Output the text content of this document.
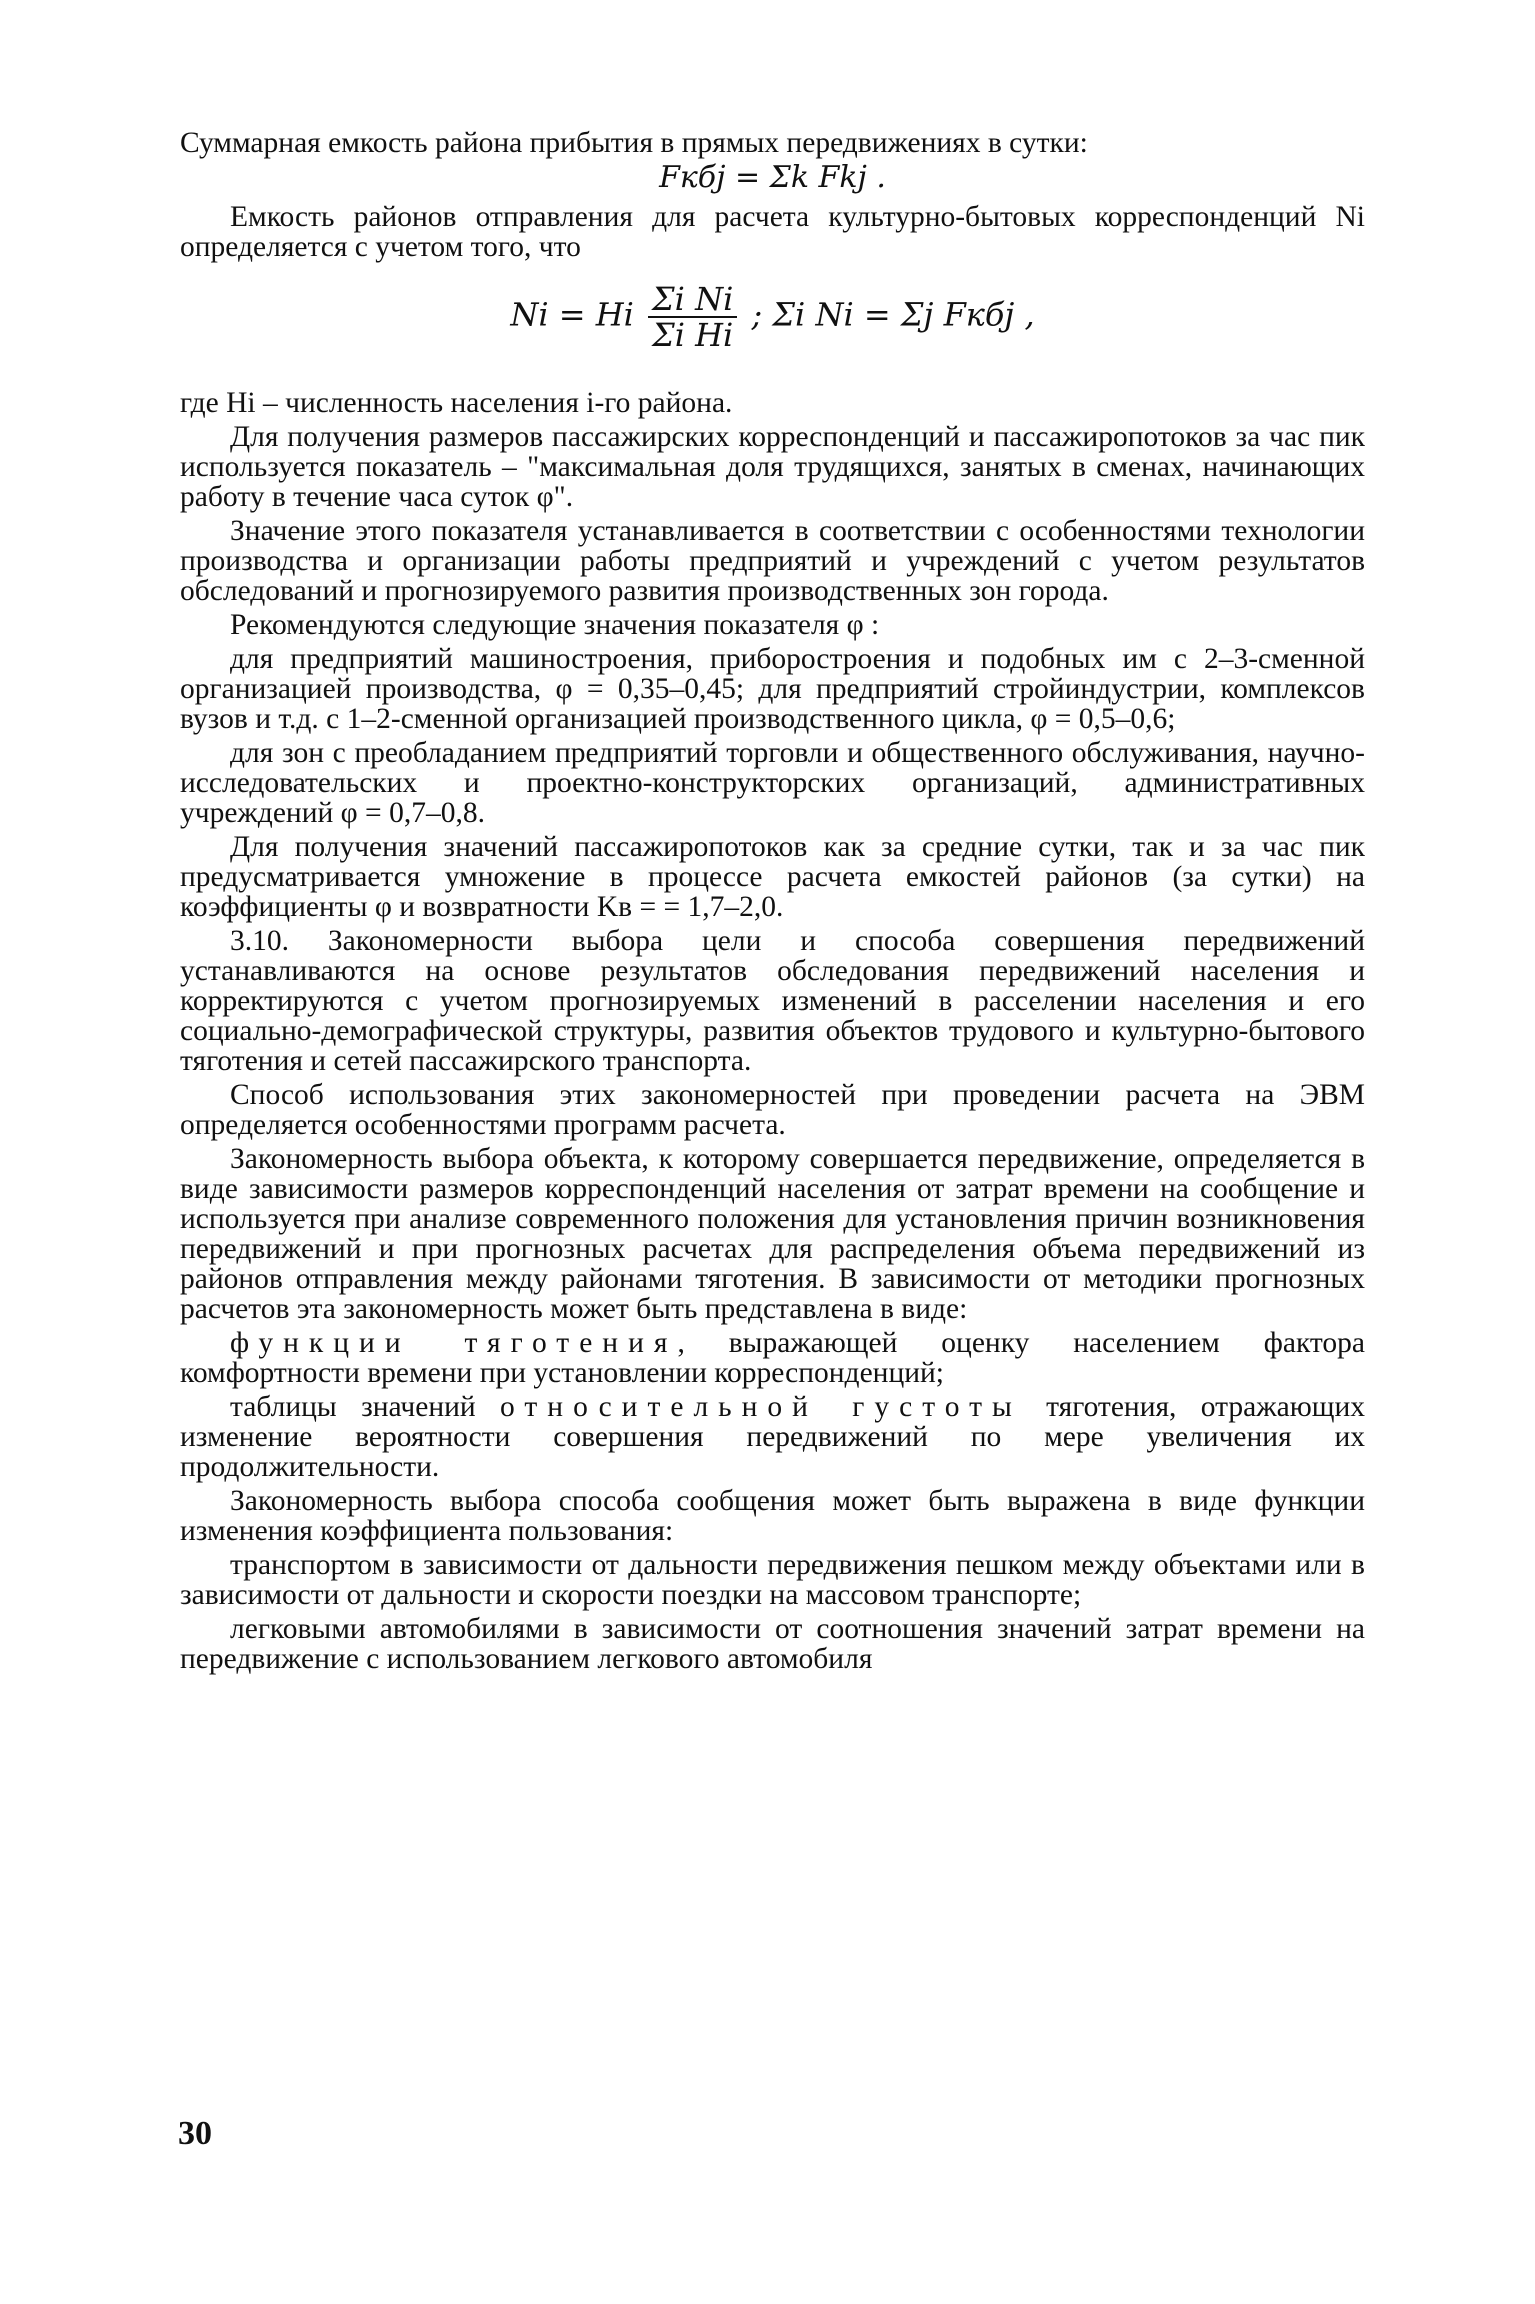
Суммарная емкость района прибытия в прямых передвижениях в сутки:

Fкбj = Σk Fkj .

Емкость районов отправления для расчета культурно-бытовых корреспонденций Ni определяется с учетом того, что

Ni = Hi $\frac{\text{Σi Ni}}{\text{Σi Hi}}$ ; Σi Ni = Σj Fкбj ,

где Hi – численность населения i-го района.

Для получения размеров пассажирских корреспонденций и пассажиропотоков за час пик используется показатель – "максимальная доля трудящихся, занятых в сменах, начинающих работу в течение часа суток φ".

Значение этого показателя устанавливается в соответствии с особенностями технологии производства и организации работы предприятий и учреждений с учетом результатов обследований и прогнозируемого развития производственных зон города.

Рекомендуются следующие значения показателя φ :

для предприятий машиностроения, приборостроения и подобных им с 2–3-сменной организацией производства, φ = 0,35–0,45; для предприятий стройиндустрии, комплексов вузов и т.д. с 1–2-сменной организацией производственного цикла, φ = 0,5–0,6;

для зон с преобладанием предприятий торговли и общественного обслуживания, научно-исследовательских и проектно-конструкторских организаций, административных учреждений φ = 0,7–0,8.

Для получения значений пассажиропотоков как за средние сутки, так и за час пик предусматривается умножение в процессе расчета емкостей районов (за сутки) на коэффициенты φ и возвратности Kв = = 1,7–2,0.

3.10. Закономерности выбора цели и способа совершения передвижений устанавливаются на основе результатов обследования передвижений населения и корректируются с учетом прогнозируемых изменений в расселении населения и его социально-демографической структуры, развития объектов трудового и культурно-бытового тяготения и сетей пассажирского транспорта.

Способ использования этих закономерностей при проведении расчета на ЭВМ определяется особенностями программ расчета.

Закономерность выбора объекта, к которому совершается передвижение, определяется в виде зависимости размеров корреспонденций населения от затрат времени на сообщение и используется при анализе современного положения для установления причин возникновения передвижений и при прогнозных расчетах для распределения объема передвижений из районов отправления между районами тяготения. В зависимости от методики прогнозных расчетов эта закономерность может быть представлена в виде:

функции тяготения, выражающей оценку населением фактора комфортности времени при установлении корреспонденций;

таблицы значений относительной густоты тяготения, отражающих изменение вероятности совершения передвижений по мере увеличения их продолжительности.

Закономерность выбора способа сообщения может быть выражена в виде функции изменения коэффициента пользования:

транспортом в зависимости от дальности передвижения пешком между объектами или в зависимости от дальности и скорости поездки на массовом транспорте;

легковыми автомобилями в зависимости от соотношения значений затрат времени на передвижение с использованием легкового автомобиля

30
